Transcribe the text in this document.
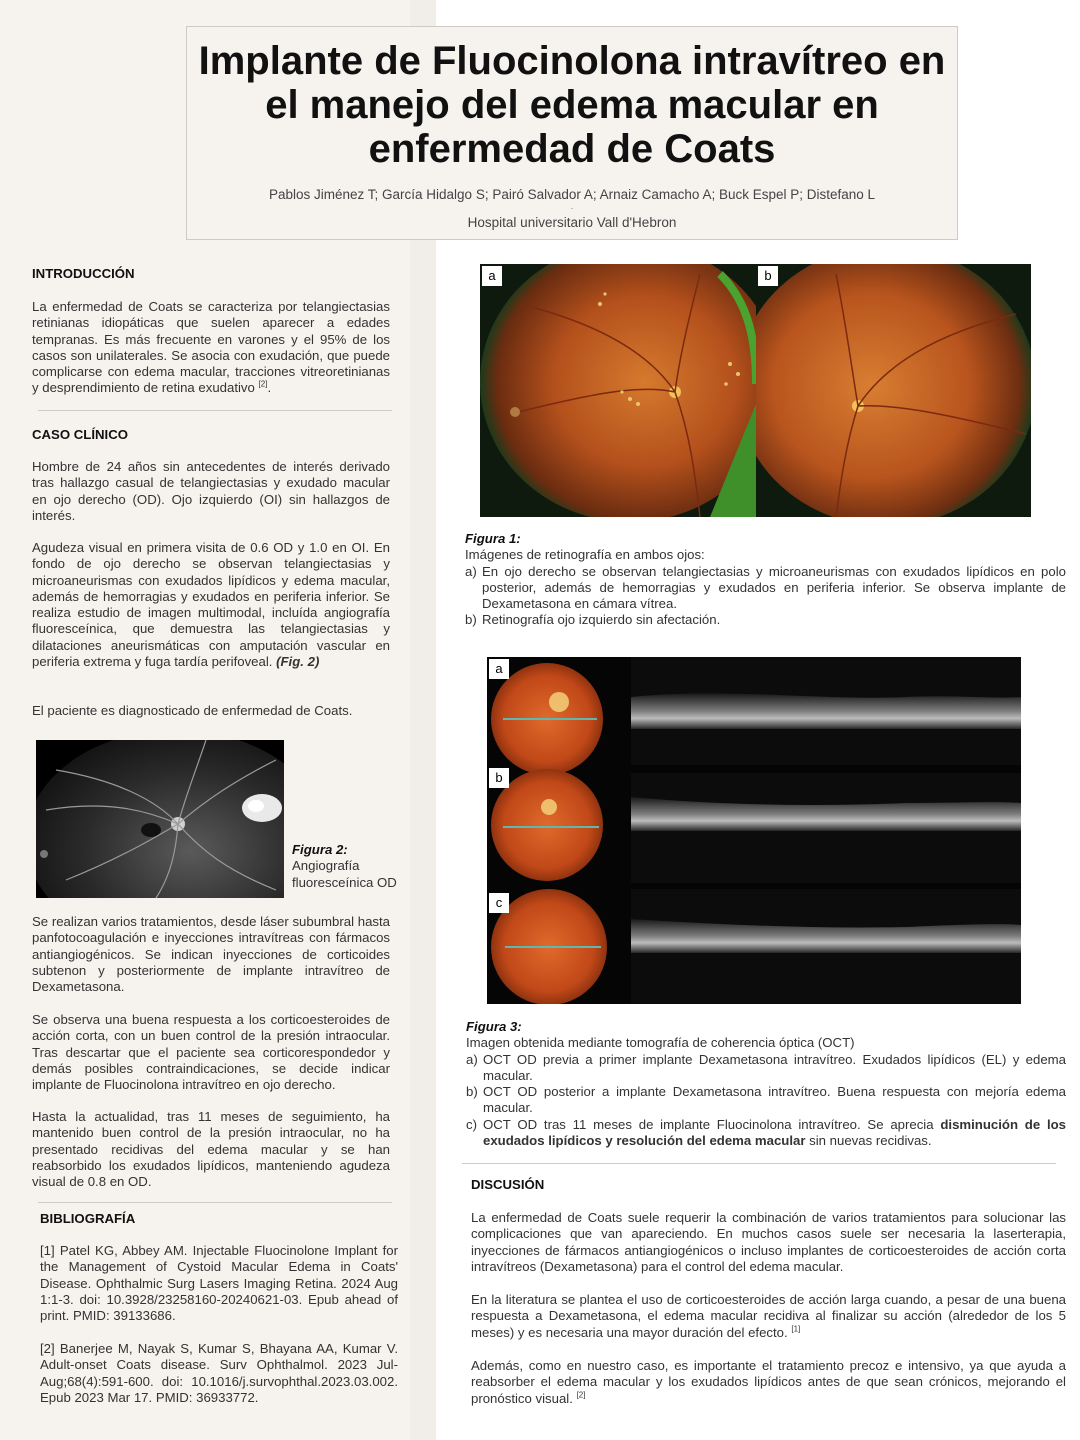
Implante de Fluocinolona intravítreo en el manejo del edema macular en enfermedad de Coats
Pablos Jiménez T; García Hidalgo S; Pairó Salvador A; Arnaiz Camacho A; Buck Espel P; Distefano L
.
Hospital universitario Vall d'Hebron
INTRODUCCIÓN
La enfermedad de Coats se caracteriza por telangiectasias retinianas idiopáticas que suelen aparecer a edades tempranas. Es más frecuente en varones y el 95% de los casos son unilaterales. Se asocia con exudación, que puede complicarse con edema macular, tracciones vitreoretinianas y desprendimiento de retina exudativo [2].
CASO CLÍNICO
Hombre de 24 años sin antecedentes de interés derivado tras hallazgo casual de telangiectasias y exudado macular en ojo derecho (OD). Ojo izquierdo (OI) sin hallazgos de interés.
Agudeza visual en primera visita de 0.6 OD y 1.0 en OI. En fondo de ojo derecho se observan telangiectasias y microaneurismas con exudados lipídicos y edema macular, además de hemorragias y exudados en periferia inferior. Se realiza estudio de imagen multimodal, incluída angiografía fluoresceínica, que demuestra las telangiectasias y dilataciones aneurismáticas con amputación vascular en periferia extrema y fuga tardía perifoveal. (Fig. 2)
El paciente es diagnosticado de enfermedad de Coats.
Figura 2:
Angiografía fluoresceínica OD
Se realizan varios tratamientos, desde láser subumbral hasta panfotocoagulación e inyecciones intravítreas con fármacos antiangiogénicos. Se indican inyecciones de corticoides subtenon y posteriormente de implante intravítreo de Dexametasona.
Se observa una buena respuesta a los corticoesteroides de acción corta, con un buen control de la presión intraocular. Tras descartar que el paciente sea corticorespondedor y demás posibles contraindicaciones, se decide indicar implante de Fluocinolona intravítreo en ojo derecho.
Hasta la actualidad, tras 11 meses de seguimiento, ha mantenido buen control de la presión intraocular, no ha presentado recidivas del edema macular y se han reabsorbido los exudados lipídicos, manteniendo agudeza visual de 0.8 en OD.
BIBLIOGRAFÍA
[1] Patel KG, Abbey AM. Injectable Fluocinolone Implant for the Management of Cystoid Macular Edema in Coats' Disease. Ophthalmic Surg Lasers Imaging Retina. 2024 Aug 1:1-3. doi: 10.3928/23258160-20240621-03. Epub ahead of print. PMID: 39133686.
[2] Banerjee M, Nayak S, Kumar S, Bhayana AA, Kumar V. Adult-onset Coats disease. Surv Ophthalmol. 2023 Jul-Aug;68(4):591-600. doi: 10.1016/j.survophthal.2023.03.002. Epub 2023 Mar 17. PMID: 36933772.
a	b
Figura 1:
Imágenes de retinografía en ambos ojos:
a) En ojo derecho se observan telangiectasias y microaneurismas con exudados lipídicos en polo posterior, además de hemorragias y exudados en periferia inferior. Se observa implante de Dexametasona en cámara vítrea.
b) Retinografía ojo izquierdo sin afectación.
a
b
c
Figura 3:
Imagen obtenida mediante tomografía de coherencia óptica (OCT)
a) OCT OD previa a primer implante Dexametasona intravítreo. Exudados lipídicos (EL) y edema macular.
b) OCT OD posterior a implante Dexametasona intravítreo. Buena respuesta con mejoría edema macular.
c) OCT OD tras 11 meses de implante Fluocinolona intravítreo. Se aprecia disminución de los exudados lipídicos y resolución del edema macular sin nuevas recidivas.
DISCUSIÓN
La enfermedad de Coats suele requerir la combinación de varios tratamientos para solucionar las complicaciones que van apareciendo. En muchos casos suele ser necesaria la laserterapia, inyecciones de fármacos antiangiogénicos o incluso implantes de corticoesteroides de acción corta intravítreos (Dexametasona) para el control del edema macular.
En la literatura se plantea el uso de corticoesteroides de acción larga cuando, a pesar de una buena respuesta a Dexametasona, el edema macular recidiva al finalizar su acción (alrededor de los 5 meses) y es necesaria una mayor duración del efecto. [1]
Además, como en nuestro caso, es importante el tratamiento precoz e intensivo, ya que ayuda a reabsorber el edema macular y los exudados lipídicos antes de que sean crónicos, mejorando el pronóstico visual. [2]
